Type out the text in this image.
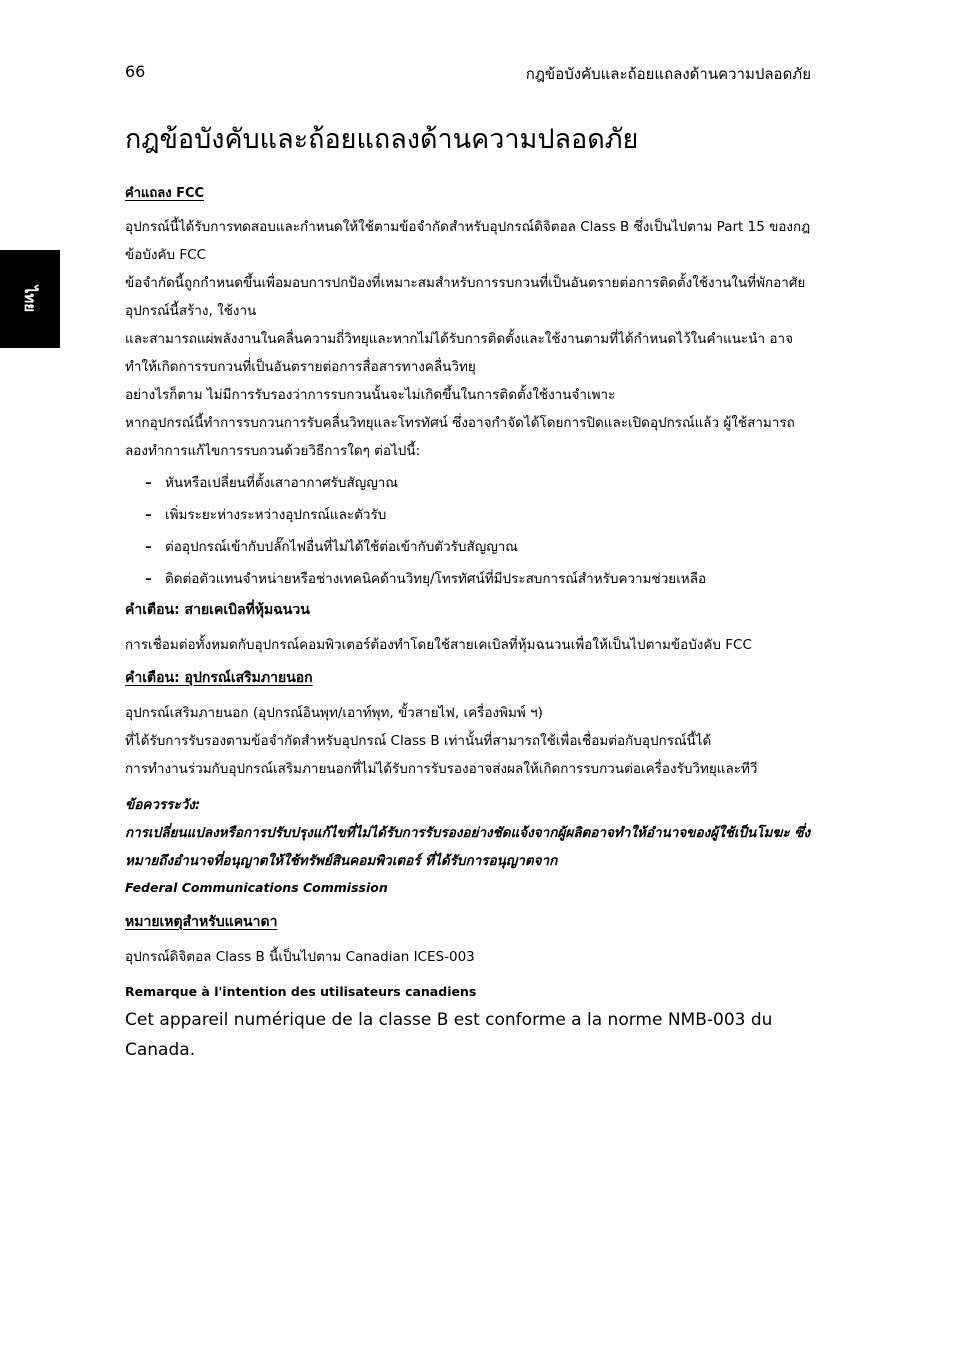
66	กฎข้อบังคับและถ้อยแถลงด้านความปลอดภัย
ไทย
กฎข้อบังคับและถ้อยแถลงด้านความปลอดภัย
คำแถลง FCC

อุปกรณ์นี้ได้รับการทดสอบและกำหนดให้ใช้ตามข้อจำกัดสำหรับอุปกรณ์ดิจิตอล Class B ซึ่งเป็นไปตาม Part 15 ของกฎข้อบังคับ FCC

ข้อจำกัดนี้ถูกกำหนดขึ้นเพื่อมอบการปกป้องที่เหมาะสมสำหรับการรบกวนที่เป็นอันตรายต่อการติดตั้งใช้งานในที่พักอาศัย อุปกรณ์นี้สร้าง, ใช้งาน

และสามารถแผ่พลังงานในคลื่นความถี่วิทยุและหากไม่ได้รับการติดตั้งและใช้งานตามที่ได้กำหนดไว้ในคำแนะนำ อาจทำให้เกิดการรบกวนที่เป็นอันตรายต่อการสื่อสารทางคลื่นวิทยุ

อย่างไรก็ตาม ไม่มีการรับรองว่าการรบกวนนั้นจะไม่เกิดขึ้นในการติดตั้งใช้งานจำเพาะ

หากอุปกรณ์นี้ทำการรบกวนการรับคลื่นวิทยุและโทรทัศน์ ซึ่งอาจกำจัดได้โดยการปิดและเปิดอุปกรณ์แล้ว ผู้ใช้สามารถลองทำการแก้ไขการรบกวนด้วยวิธีการใดๆ ต่อไปนี้:

– หันหรือเปลี่ยนที่ตั้งเสาอากาศรับสัญญาณ
– เพิ่มระยะห่างระหว่างอุปกรณ์และตัวรับ
– ต่ออุปกรณ์เข้ากับปลั๊กไฟอื่นที่ไม่ได้ใช้ต่อเข้ากับตัวรับสัญญาณ
– ติดต่อตัวแทนจำหน่ายหรือช่างเทคนิคด้านวิทยุ/โทรทัศน์ที่มีประสบการณ์สำหรับความช่วยเหลือ
คำเตือน: สายเคเบิลที่หุ้มฉนวน

การเชื่อมต่อทั้งหมดกับอุปกรณ์คอมพิวเตอร์ต้องทำโดยใช้สายเคเบิลที่หุ้มฉนวนเพื่อให้เป็นไปตามข้อบังคับ FCC

คำเตือน: อุปกรณ์เสริมภายนอก

อุปกรณ์เสริมภายนอก (อุปกรณ์อินพุท/เอาท์พุท, ขั้วสายไฟ, เครื่องพิมพ์ ฯ)

ที่ได้รับการรับรองตามข้อจำกัดสำหรับอุปกรณ์ Class B เท่านั้นที่สามารถใช้เพื่อเชื่อมต่อกับอุปกรณ์นี้ได้

การทำงานร่วมกับอุปกรณ์เสริมภายนอกที่ไม่ได้รับการรับรองอาจส่งผลให้เกิดการรบกวนต่อเครื่องรับวิทยุและทีวี

ข้อควรระวัง:

การเปลี่ยนแปลงหรือการปรับปรุงแก้ไขที่ไม่ได้รับการรับรองอย่างชัดแจ้งจากผู้ผลิตอาจทำให้อำนาจของผู้ใช้เป็นโมฆะ ซึ่งหมายถึงอำนาจที่อนุญาตให้ใช้ทรัพย์สินคอมพิวเตอร์ ที่ได้รับการอนุญาตจาก

Federal Communications Commission
หมายเหตุสำหรับแคนาดา

อุปกรณ์ดิจิตอล Class B นี้เป็นไปตาม Canadian ICES-003

Remarque à l'intention des utilisateurs canadiens
Cet appareil numérique de la classe B est conforme a la norme NMB-003 du Canada.
